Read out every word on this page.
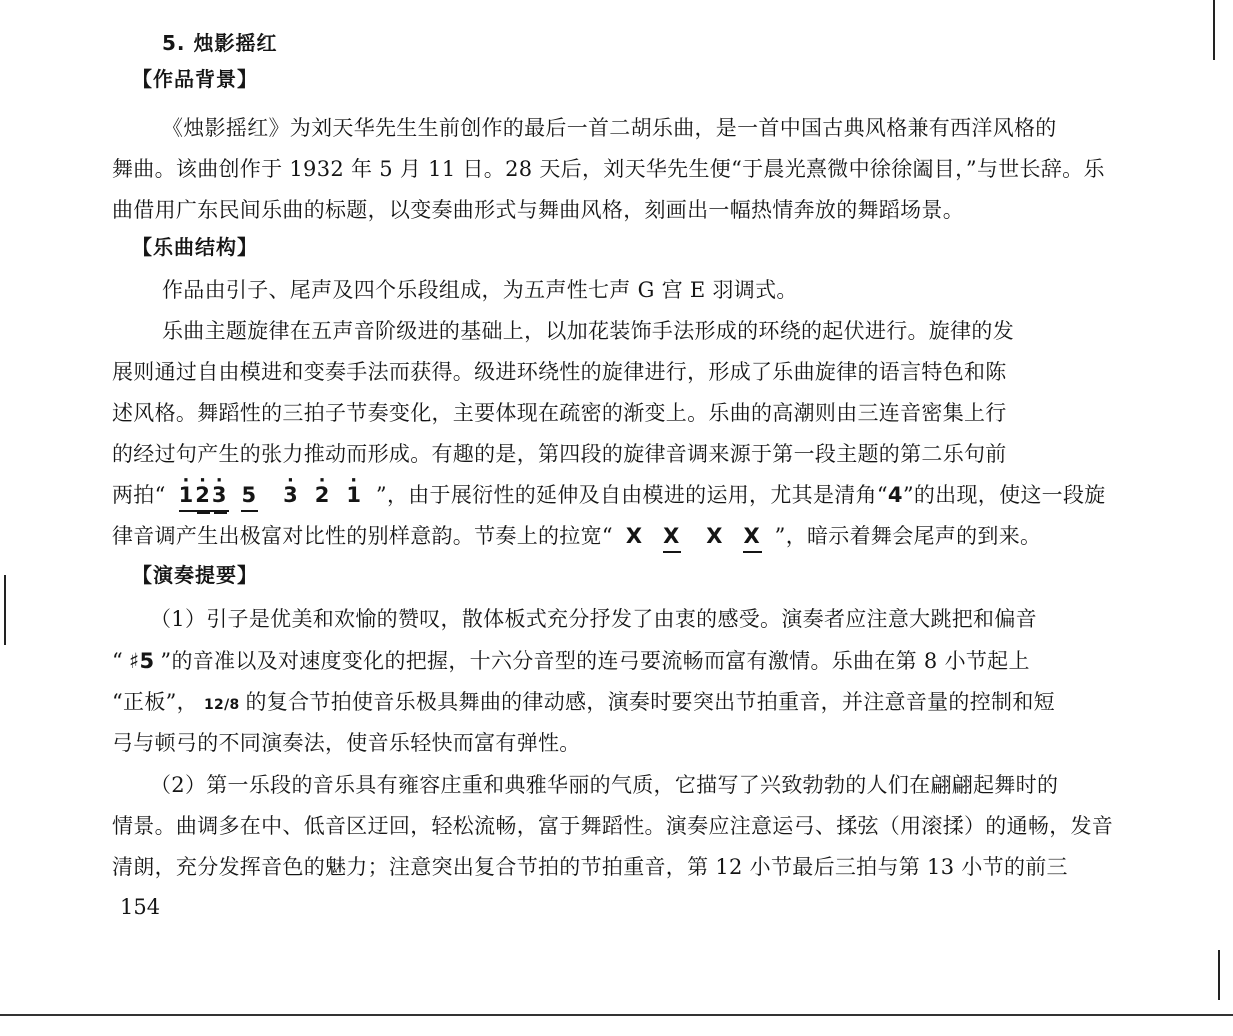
5. 烛影摇红
【作品背景】
《烛影摇红》为刘天华先生生前创作的最后一首二胡乐曲，是一首中国古典风格兼有西洋风格的
舞曲。该曲创作于 1932 年 5 月 11 日。28 天后，刘天华先生便“于晨光熹微中徐徐阖目，”与世长辞。乐
曲借用广东民间乐曲的标题，以变奏曲形式与舞曲风格，刻画出一幅热情奔放的舞蹈场景。
【乐曲结构】
作品由引子、尾声及四个乐段组成，为五声性七声 G 宫 E 羽调式。
乐曲主题旋律在五声音阶级进的基础上，以加花装饰手法形成的环绕的起伏进行。旋律的发
展则通过自由模进和变奏手法而获得。级进环绕性的旋律进行，形成了乐曲旋律的语言特色和陈
述风格。舞蹈性的三拍子节奏变化，主要体现在疏密的渐变上。乐曲的高潮则由三连音密集上行
的经过句产生的张力推动而形成。有趣的是，第四段的旋律音调来源于第一段主题的第二乐句前
两拍“ · 1· 2· 3 5 · 3 · 2 · 1 ”，由于展衍性的延伸及自由模进的运用，尤其是清角“4”的出现，使这一段旋
律音调产生出极富对比性的别样意韵。节奏上的拉宽“ X X X X ”，暗示着舞会尾声的到来。
【演奏提要】
（1）引子是优美和欢愉的赞叹，散体板式充分抒发了由衷的感受。演奏者应注意大跳把和偏音
“ ♯5 ”的音准以及对速度变化的把握，十六分音型的连弓要流畅而富有激情。乐曲在第 8 小节起上
“正板”， 12/8 的复合节拍使音乐极具舞曲的律动感，演奏时要突出节拍重音，并注意音量的控制和短
弓与顿弓的不同演奏法，使音乐轻快而富有弹性。
（2）第一乐段的音乐具有雍容庄重和典雅华丽的气质，它描写了兴致勃勃的人们在翩翩起舞时的
情景。曲调多在中、低音区迂回，轻松流畅，富于舞蹈性。演奏应注意运弓、揉弦（用滚揉）的通畅，发音
清朗，充分发挥音色的魅力；注意突出复合节拍的节拍重音，第 12 小节最后三拍与第 13 小节的前三
154
